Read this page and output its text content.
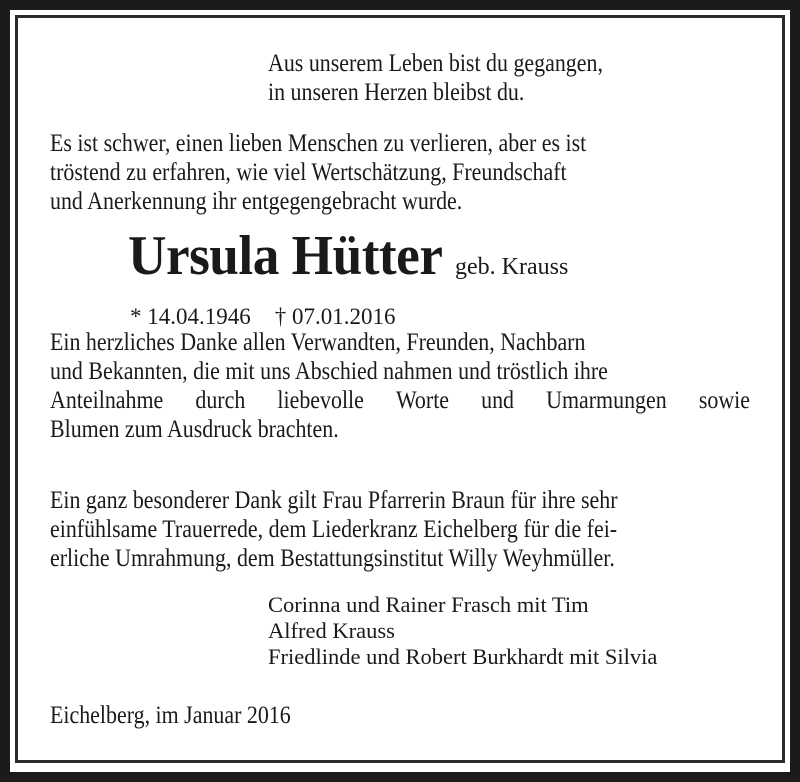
Aus unserem Leben bist du gegangen,
in unseren Herzen bleibst du.
Es ist schwer, einen lieben Menschen zu verlieren, aber es ist
tröstend zu erfahren, wie viel Wertschätzung, Freundschaft
und Anerkennung ihr entgegengebracht wurde.
Ursula Hütter geb. Krauss
* 14.04.1946 † 07.01.2016
Ein herzliches Danke allen Verwandten, Freunden, Nachbarn
und Bekannten, die mit uns Abschied nahmen und tröstlich ihre
Anteilnahme durch liebevolle Worte und Umarmungen sowie
Blumen zum Ausdruck brachten.
Ein ganz besonderer Dank gilt Frau Pfarrerin Braun für ihre sehr
einfühlsame Trauerrede, dem Liederkranz Eichelberg für die fei-
erliche Umrahmung, dem Bestattungsinstitut Willy Weyhmüller.
Corinna und Rainer Frasch mit Tim
Alfred Krauss
Friedlinde und Robert Burkhardt mit Silvia
Eichelberg, im Januar 2016
